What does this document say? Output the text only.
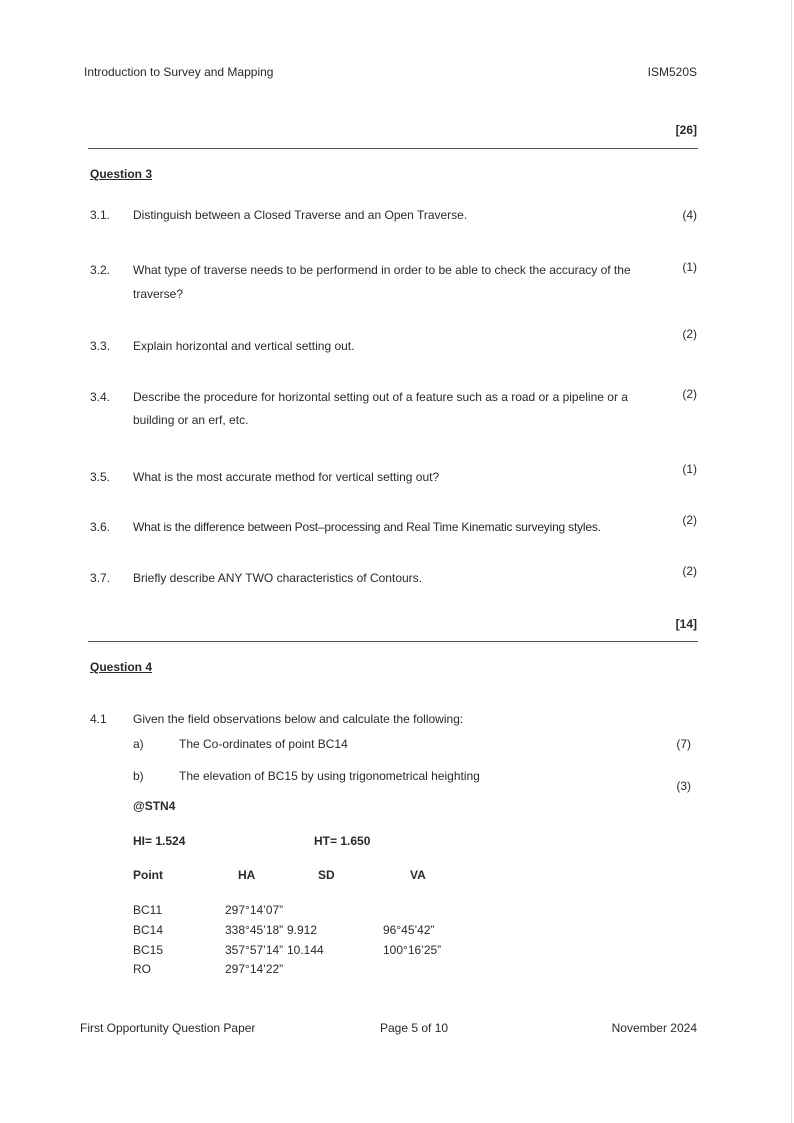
Introduction to Survey and Mapping	ISM520S
[26]
Question 3
3.1. Distinguish between a Closed Traverse and an Open Traverse.	(4)
3.2. What type of traverse needs to be performend in order to be able to check the accuracy of the
traverse?
(1)
3.3. Explain horizontal and vertical setting out.
(2)
3.4. Describe the procedure for horizontal setting out of a feature such as a road or a pipeline or a
building or an erf, etc.
(2)
3.5. What is the most accurate method for vertical setting out?
(1)
3.6. What is the difference between Post–processing and Real Time Kinematic surveying styles.	(2)
3.7. Briefly describe ANY TWO characteristics of Contours.	(2)
[14]
Question 4
4.1 Given the field observations below and calculate the following:
a)	The Co-ordinates of point BC14	(7)
b)	The elevation of BC15 by using trigonometrical heighting
(3)
@STN4
HI= 1.524	HT= 1.650
Point	HA	SD	VA
BC11	297°14’07”
BC14	338°45’18” 9.912	96°45’42”
BC15	357°57’14” 10.144	100°16’25”
RO	297°14’22”
First Opportunity Question Paper	Page 5 of 10	November 2024
